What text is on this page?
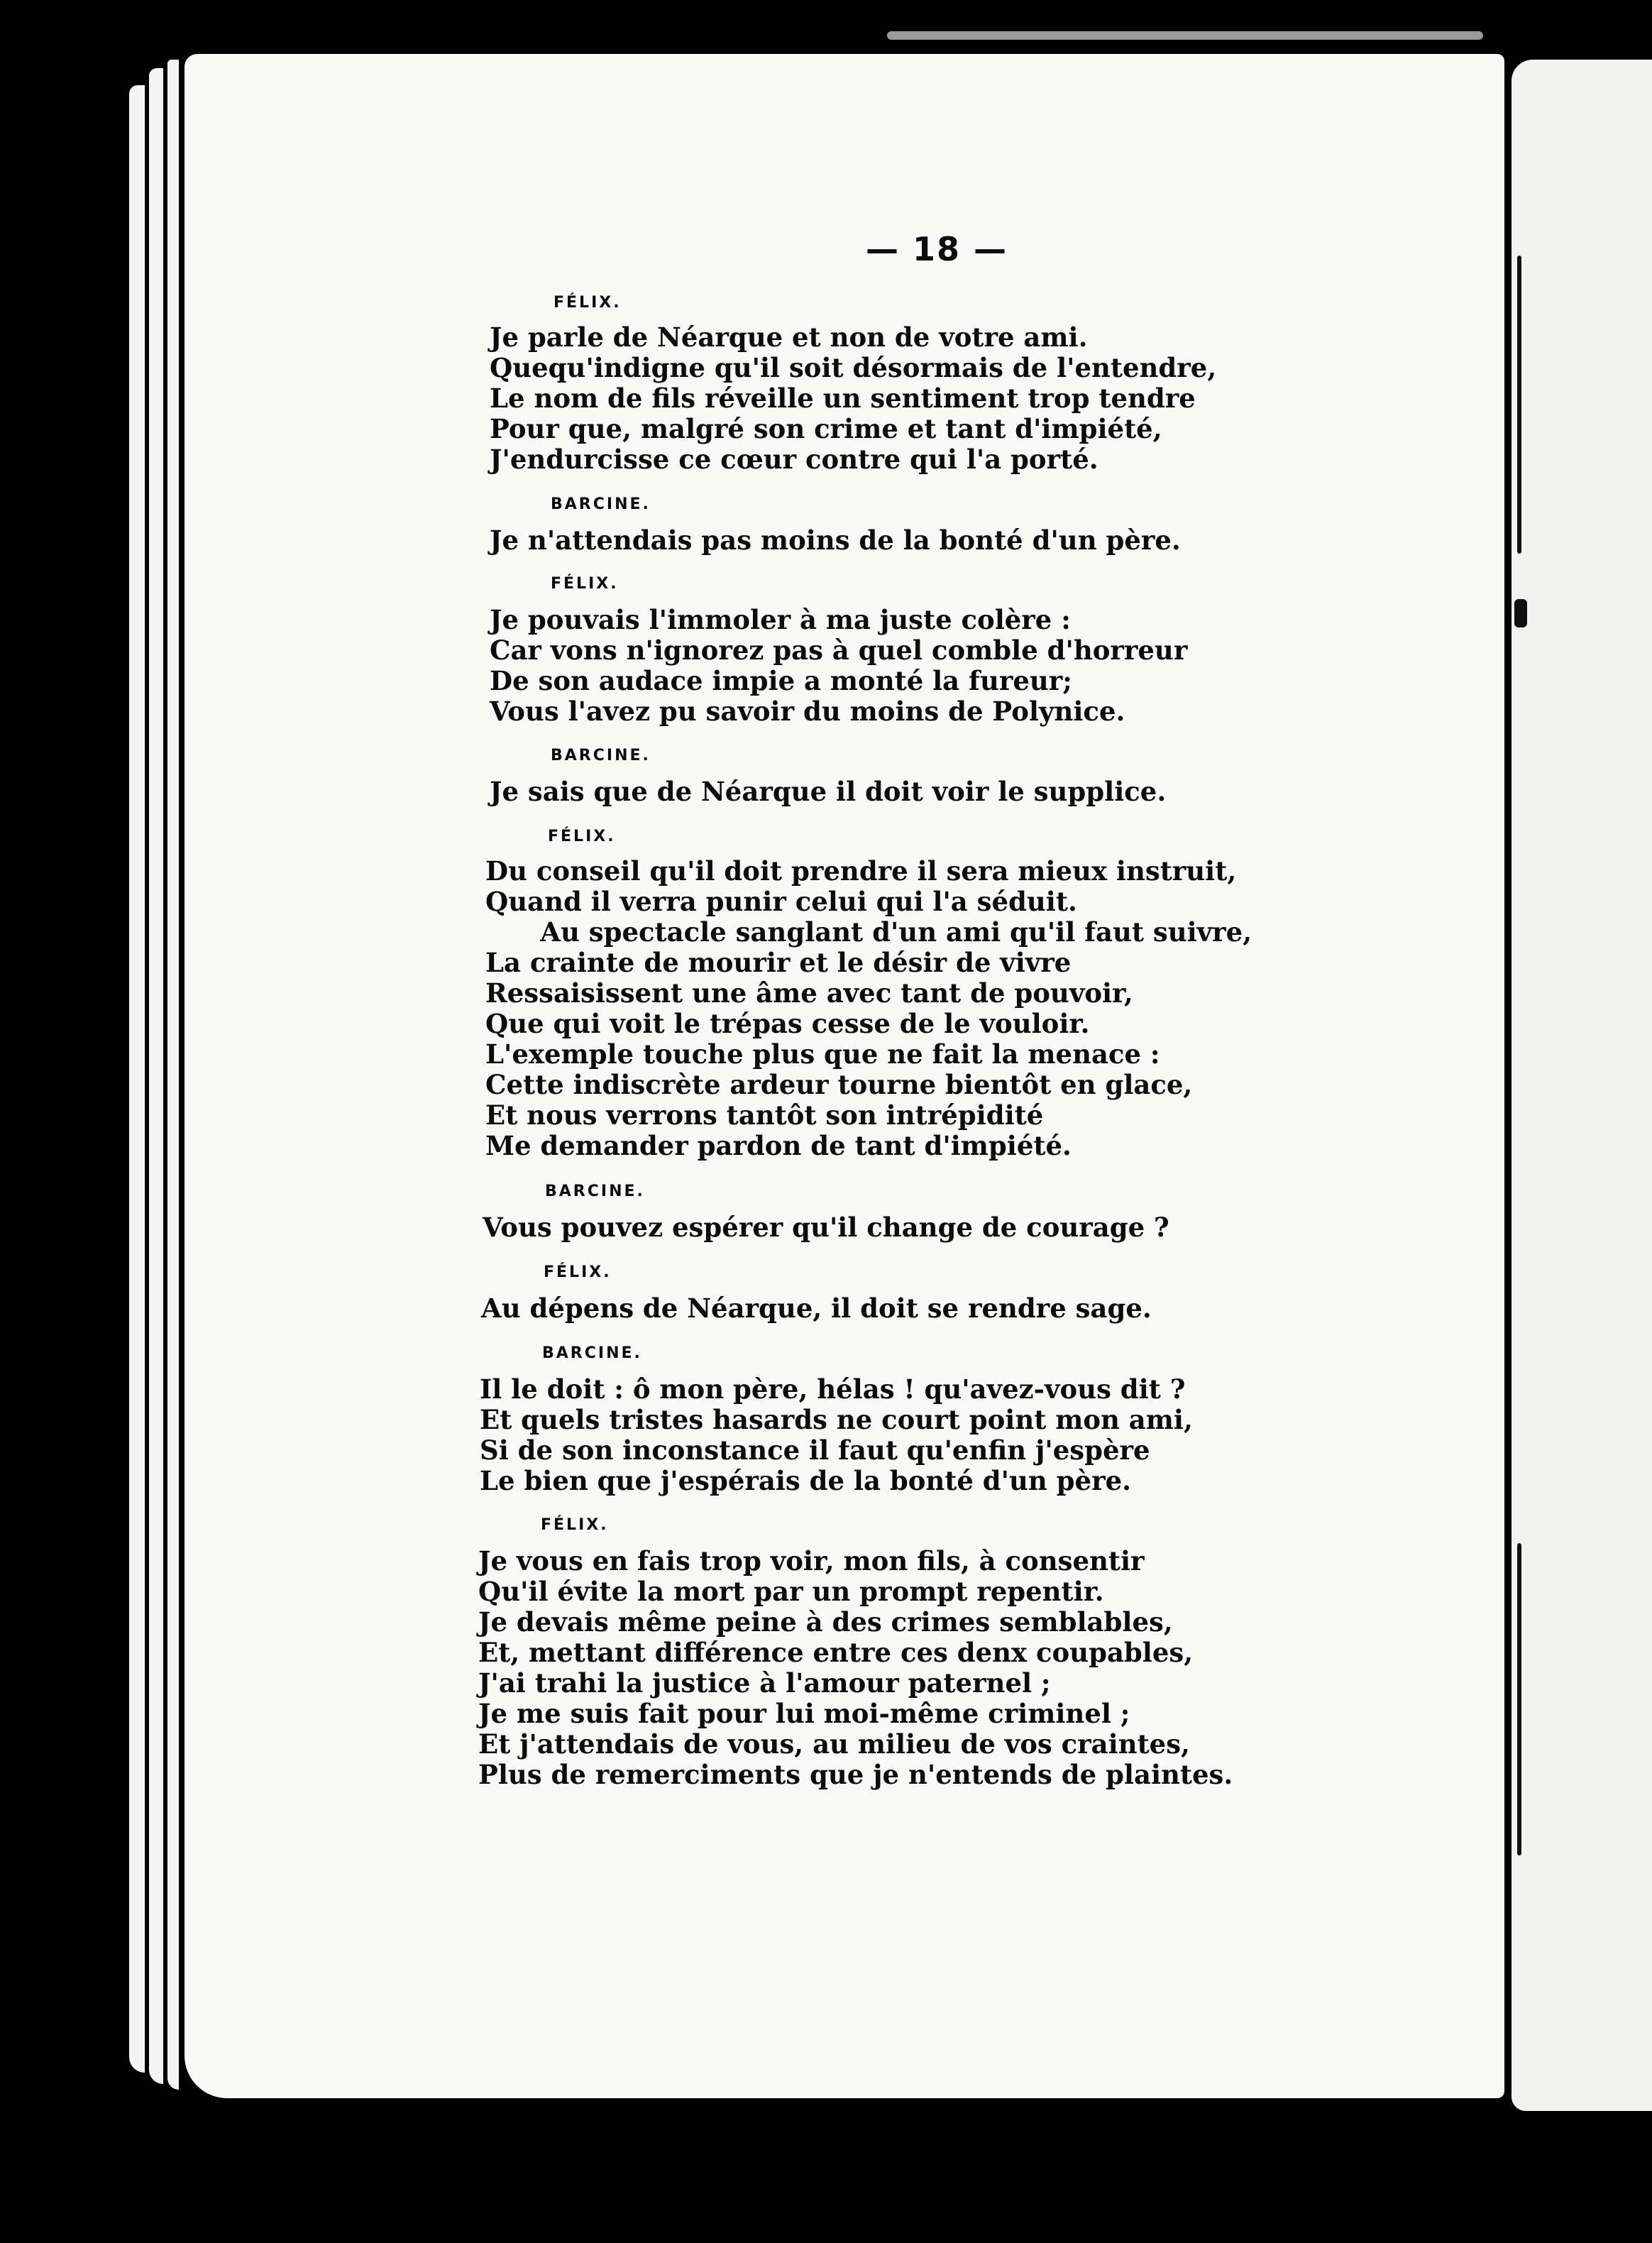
— 18 —
FÉLIX.
Je parle de Néarque et non de votre ami.
Quequ'indigne qu'il soit désormais de l'entendre,
Le nom de fils réveille un sentiment trop tendre
Pour que, malgré son crime et tant d'impiété,
J'endurcisse ce cœur contre qui l'a porté.
BARCINE.
Je n'attendais pas moins de la bonté d'un père.
FÉLIX.
Je pouvais l'immoler à ma juste colère :
Car vons n'ignorez pas à quel comble d'horreur
De son audace impie a monté la fureur;
Vous l'avez pu savoir du moins de Polynice.
BARCINE.
Je sais que de Néarque il doit voir le supplice.
FÉLIX.
Du conseil qu'il doit prendre il sera mieux instruit,
Quand il verra punir celui qui l'a séduit.
Au spectacle sanglant d'un ami qu'il faut suivre,
La crainte de mourir et le désir de vivre
Ressaisissent une âme avec tant de pouvoir,
Que qui voit le trépas cesse de le vouloir.
L'exemple touche plus que ne fait la menace :
Cette indiscrète ardeur tourne bientôt en glace,
Et nous verrons tantôt son intrépidité
Me demander pardon de tant d'impiété.
BARCINE.
Vous pouvez espérer qu'il change de courage ?
FÉLIX.
Au dépens de Néarque, il doit se rendre sage.
BARCINE.
Il le doit : ô mon père, hélas ! qu'avez-vous dit ?
Et quels tristes hasards ne court point mon ami,
Si de son inconstance il faut qu'enfin j'espère
Le bien que j'espérais de la bonté d'un père.
FÉLIX.
Je vous en fais trop voir, mon fils, à consentir
Qu'il évite la mort par un prompt repentir.
Je devais même peine à des crimes semblables,
Et, mettant différence entre ces denx coupables,
J'ai trahi la justice à l'amour paternel ;
Je me suis fait pour lui moi-même criminel ;
Et j'attendais de vous, au milieu de vos craintes,
Plus de remerciments que je n'entends de plaintes.
